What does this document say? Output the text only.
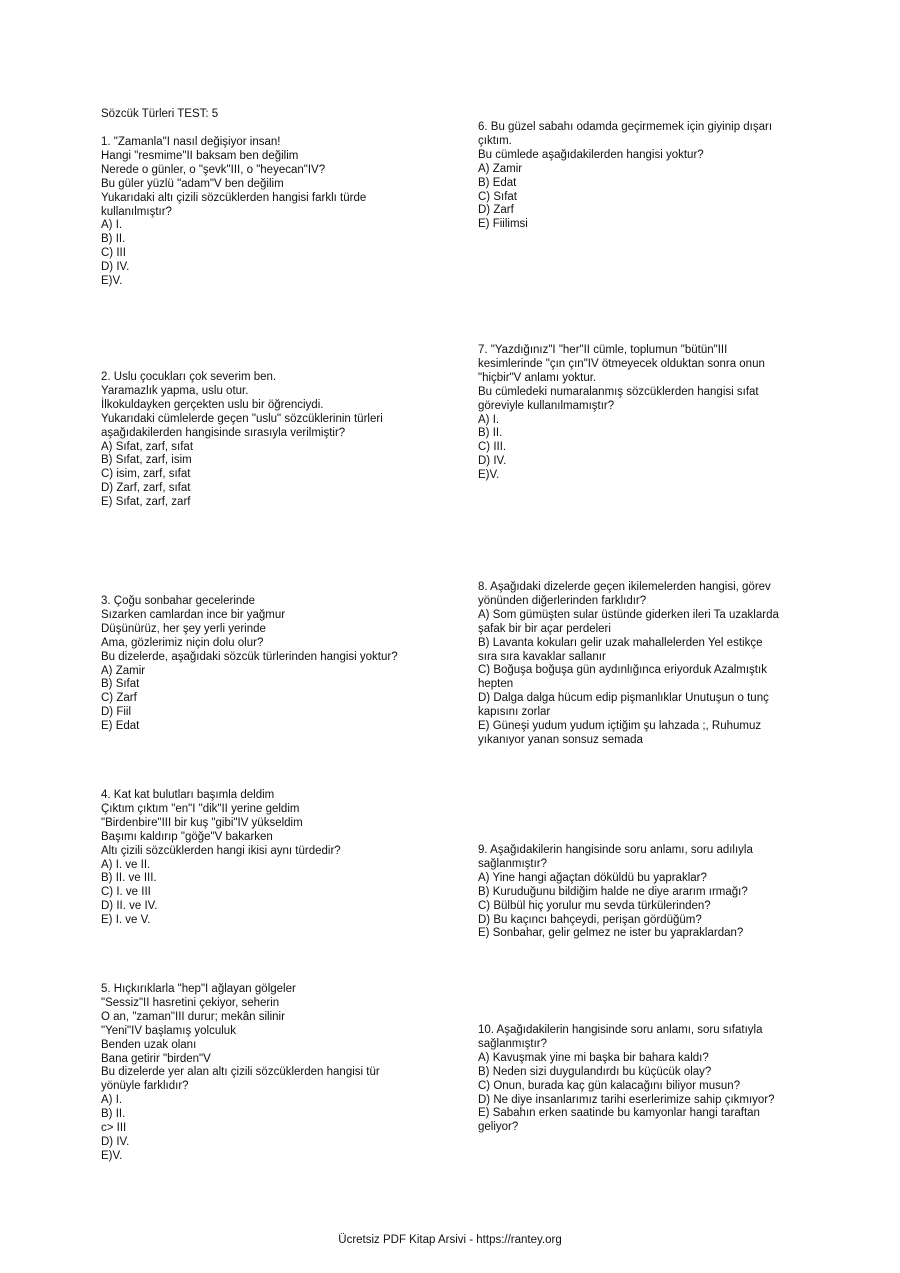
Sözcük Türleri TEST: 5
1. "Zamanla"I nasıl değişiyor insan!
Hangi "resmime"II baksam ben değilim
Nerede o günler, o "şevk"III, o "heyecan"IV?
Bu güler yüzlü "adam"V ben değilim
Yukarıdaki altı çizili sözcüklerden hangisi farklı türde
kullanılmıştır?
A) I.
B) II.
C) III
D) IV.
E)V.
2. Uslu çocukları çok severim ben.
Yaramazlık yapma, uslu otur.
İlkokuldayken gerçekten uslu bir öğrenciydi.
Yukarıdaki cümlelerde geçen "uslu" sözcüklerinin türleri
aşağıdakilerden hangisinde sırasıyla verilmiştir?
A) Sıfat, zarf, sıfat
B) Sıfat, zarf, isim
C) isim, zarf, sıfat
D) Zarf, zarf, sıfat
E) Sıfat, zarf, zarf
3. Çoğu sonbahar gecelerinde
Sızarken camlardan ince bir yağmur
Düşünürüz, her şey yerli yerinde
Ama, gözlerimiz niçin dolu olur?
Bu dizelerde, aşağıdaki sözcük türlerinden hangisi yoktur?
A) Zamir
B) Sıfat
C) Zarf
D) Fiil
E) Edat
4. Kat kat bulutları başımla deldim
Çıktım çıktım "en"I "dik"II yerine geldim
"Birdenbire"III bir kuş "gibi"IV yükseldim
Başımı kaldırıp "göğe"V bakarken
Altı çizili sözcüklerden hangi ikisi aynı türdedir?
A) I. ve II.
B) II. ve III.
C) I. ve III
D) II. ve IV.
E) I. ve V.
5. Hıçkırıklarla "hep"I ağlayan gölgeler
"Sessiz"II hasretini çekiyor, seherin
O an, "zaman"III durur; mekân silinir
"Yeni"IV başlamış yolculuk
Benden uzak olanı
Bana getirir "birden"V
Bu dizelerde yer alan altı çizili sözcüklerden hangisi tür
yönüyle farklıdır?
A) I.
B) II.
c> III
D) IV.
E)V.
6. Bu güzel sabahı odamda geçirmemek için giyinip dışarı
çıktım.
Bu cümlede aşağıdakilerden hangisi yoktur?
A) Zamir
B) Edat
C) Sıfat
D) Zarf
E) Fiilimsi
7. "Yazdığınız"I "her"II cümle, toplumun "bütün"III
kesimlerinde "çın çın"IV ötmeyecek olduktan sonra onun
"hiçbir"V anlamı yoktur.
Bu cümledeki numaralanmış sözcüklerden hangisi sıfat
göreviyle kullanılmamıştır?
A) I.
B) II.
C) III.
D) IV.
E)V.
8. Aşağıdaki dizelerde geçen ikilemelerden hangisi, görev
yönünden diğerlerinden farklıdır?
A) Som gümüşten sular üstünde giderken ileri Ta uzaklarda
şafak bir bir açar perdeleri
B) Lavanta kokuları gelir uzak mahallelerden Yel estikçe
sıra sıra kavaklar sallanır
C) Boğuşa boğuşa gün aydınlığınca eriyorduk Azalmıştık
hepten
D) Dalga dalga hücum edip pişmanlıklar Unutuşun o tunç
kapısını zorlar
E) Güneşi yudum yudum içtiğim şu lahzada ;, Ruhumuz
yıkanıyor yanan sonsuz semada
9. Aşağıdakilerin hangisinde soru anlamı, soru adılıyla
sağlanmıştır?
A) Yine hangi ağaçtan döküldü bu yapraklar?
B) Kuruduğunu bildiğim halde ne diye ararım ırmağı?
C) Bülbül hiç yorulur mu sevda türkülerinden?
D) Bu kaçıncı bahçeydi, perişan gördüğüm?
E) Sonbahar, gelir gelmez ne ister bu yapraklardan?
10. Aşağıdakilerin hangisinde soru anlamı, soru sıfatıyla
sağlanmıştır?
A) Kavuşmak yine mi başka bir bahara kaldı?
B) Neden sizi duygulandırdı bu küçücük olay?
C) Onun, burada kaç gün kalacağını biliyor musun?
D) Ne diye insanlarımız tarihi eserlerimize sahip çıkmıyor?
E) Sabahın erken saatinde bu kamyonlar hangi taraftan
geliyor?
Ücretsiz PDF Kitap Arsivi - https://rantey.org
